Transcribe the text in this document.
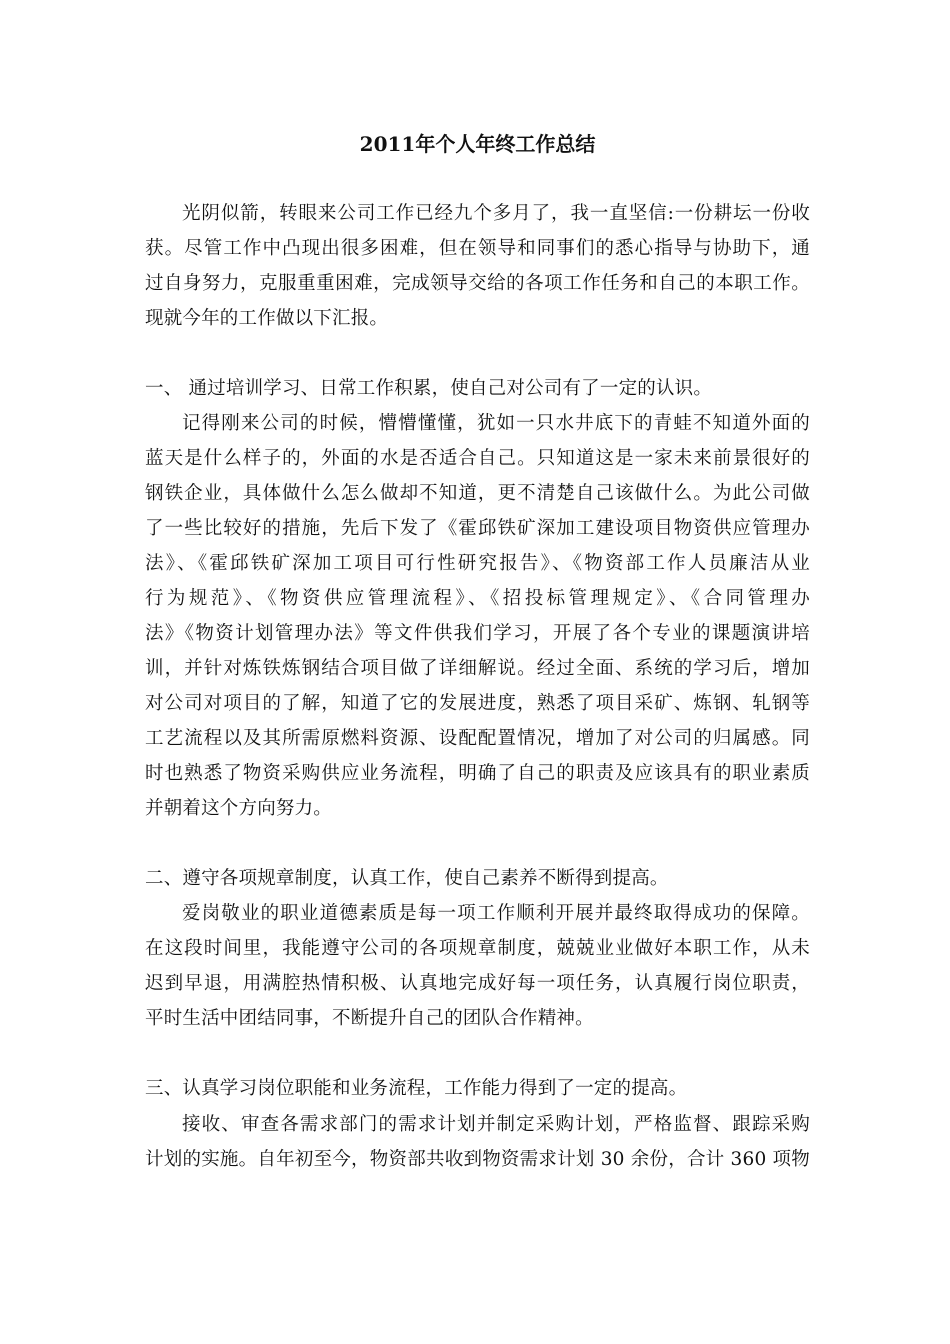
2011年个人年终工作总结
光阴似箭，转眼来公司工作已经九个多月了，我一直坚信:一份耕坛一份收
获。尽管工作中凸现出很多困难，但在领导和同事们的悉心指导与协助下，通
过自身努力，克服重重困难，完成领导交给的各项工作任务和自己的本职工作。
现就今年的工作做以下汇报。
一、 通过培训学习、日常工作积累，使自己对公司有了一定的认识。
记得刚来公司的时候，懵懵懂懂，犹如一只水井底下的青蛙不知道外面的
蓝天是什么样子的，外面的水是否适合自己。只知道这是一家未来前景很好的
钢铁企业，具体做什么怎么做却不知道，更不清楚自己该做什么。为此公司做
了一些比较好的措施，先后下发了《霍邱铁矿深加工建设项目物资供应管理办
法》、《霍邱铁矿深加工项目可行性研究报告》、《物资部工作人员廉洁从业
行为规范》、《物资供应管理流程》、《招投标管理规定》、《合同管理办
法》《物资计划管理办法》等文件供我们学习，开展了各个专业的课题演讲培
训，并针对炼铁炼钢结合项目做了详细解说。经过全面、系统的学习后，增加
对公司对项目的了解，知道了它的发展进度，熟悉了项目采矿、炼钢、轧钢等
工艺流程以及其所需原燃料资源、设配配置情况，增加了对公司的归属感。同
时也熟悉了物资采购供应业务流程，明确了自己的职责及应该具有的职业素质
并朝着这个方向努力。
二、遵守各项规章制度，认真工作，使自己素养不断得到提高。
爱岗敬业的职业道德素质是每一项工作顺利开展并最终取得成功的保障。
在这段时间里，我能遵守公司的各项规章制度，兢兢业业做好本职工作，从未
迟到早退，用满腔热情积极、认真地完成好每一项任务，认真履行岗位职责，
平时生活中团结同事，不断提升自己的团队合作精神。
三、认真学习岗位职能和业务流程，工作能力得到了一定的提高。
接收、审查各需求部门的需求计划并制定采购计划，严格监督、跟踪采购
计划的实施。自年初至今，物资部共收到物资需求计划 30 余份，合计 360 项物
